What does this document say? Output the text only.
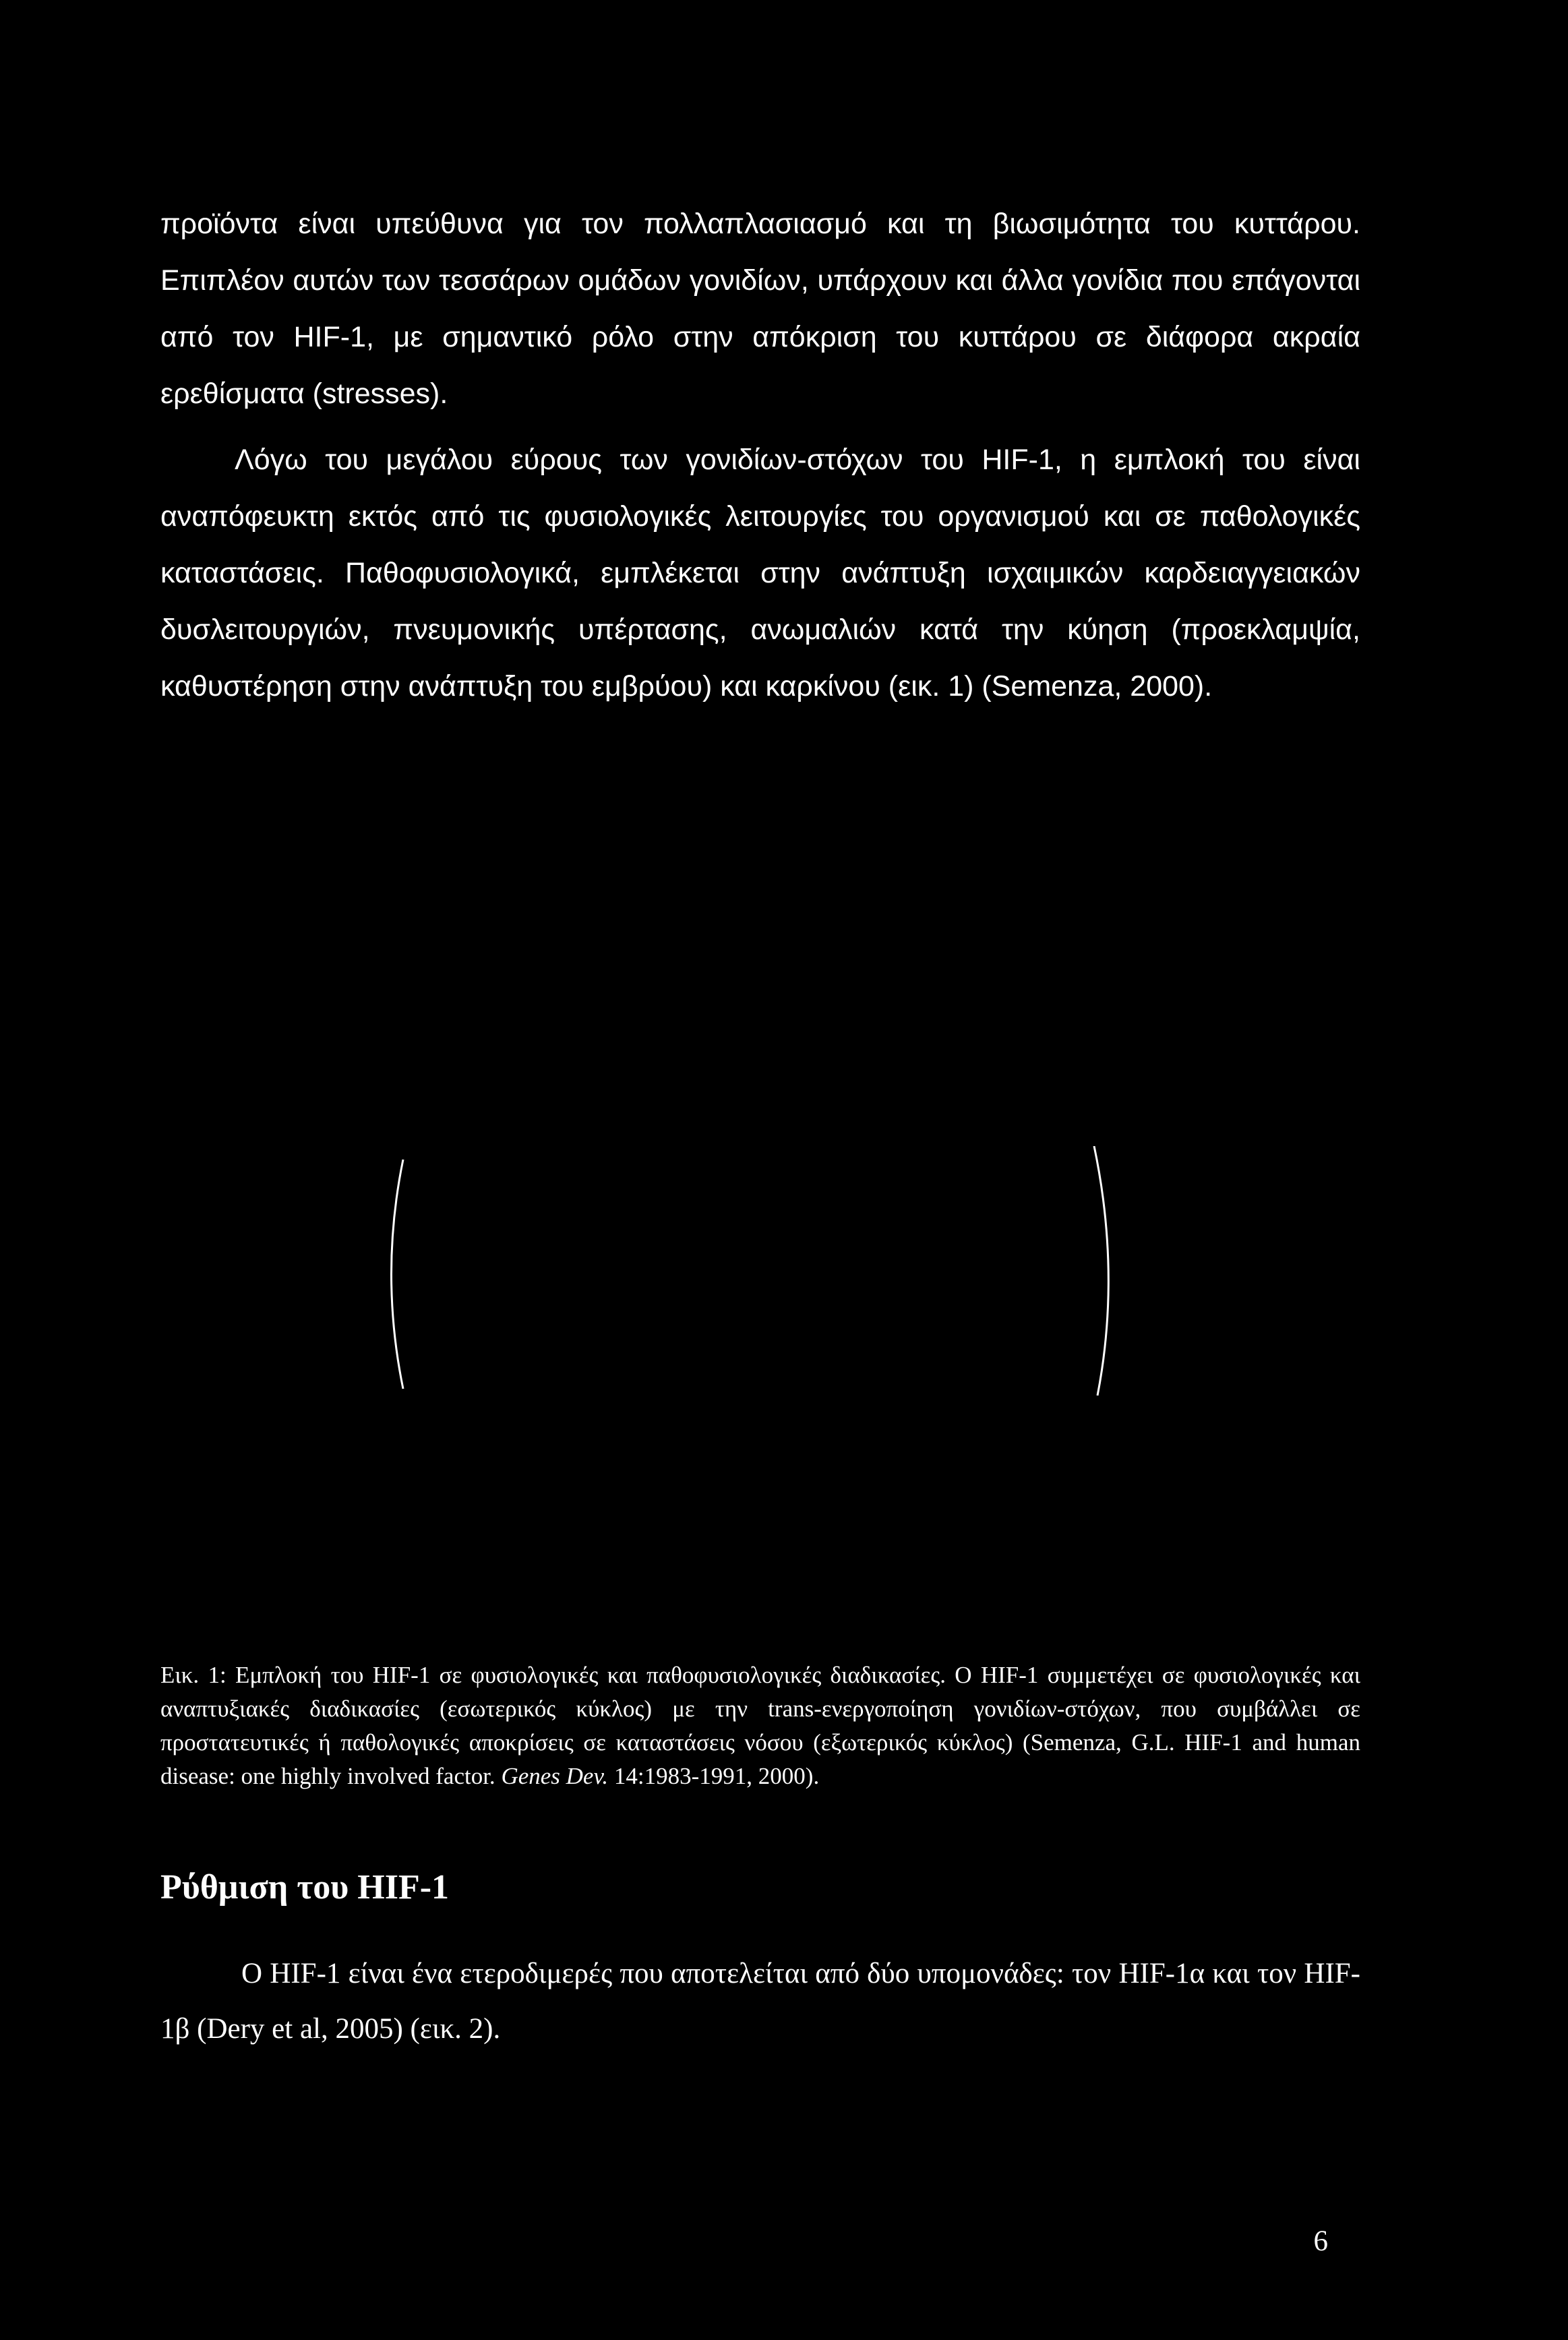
προϊόντα είναι υπεύθυνα για τον πολλαπλασιασμό και τη βιωσιμότητα του κυττάρου. Επιπλέον αυτών των τεσσάρων ομάδων γονιδίων, υπάρχουν και άλλα γονίδια που επάγονται από τον HIF-1, με σημαντικό ρόλο στην απόκριση του κυττάρου σε διάφορα ακραία ερεθίσματα (stresses).
Λόγω του μεγάλου εύρους των γονιδίων-στόχων του HIF-1, η εμπλοκή του είναι αναπόφευκτη εκτός από τις φυσιολογικές λειτουργίες του οργανισμού και σε παθολογικές καταστάσεις. Παθοφυσιολογικά, εμπλέκεται στην ανάπτυξη ισχαιμικών καρδειαγγειακών δυσλειτουργιών, πνευμονικής υπέρτασης, ανωμαλιών κατά την κύηση (προεκλαμψία, καθυστέρηση στην ανάπτυξη του εμβρύου) και καρκίνου (εικ. 1) (Semenza, 2000).

Εικ. 1: Εμπλοκή του HIF-1 σε φυσιολογικές και παθοφυσιολογικές διαδικασίες. Ο HIF-1 συμμετέχει σε φυσιολογικές και αναπτυξιακές διαδικασίες (εσωτερικός κύκλος) με την trans-ενεργοποίηση γονιδίων-στόχων, που συμβάλλει σε προστατευτικές ή παθολογικές αποκρίσεις σε καταστάσεις νόσου (εξωτερικός κύκλος) (Semenza, G.L. HIF-1 and human disease: one highly involved factor. Genes Dev. 14:1983-1991, 2000).

Ρύθμιση του HIF-1

Ο HIF-1 είναι ένα ετεροδιμερές που αποτελείται από δύο υπομονάδες: τον HIF-1α και τον HIF-1β (Dery et al, 2005) (εικ. 2).

6
